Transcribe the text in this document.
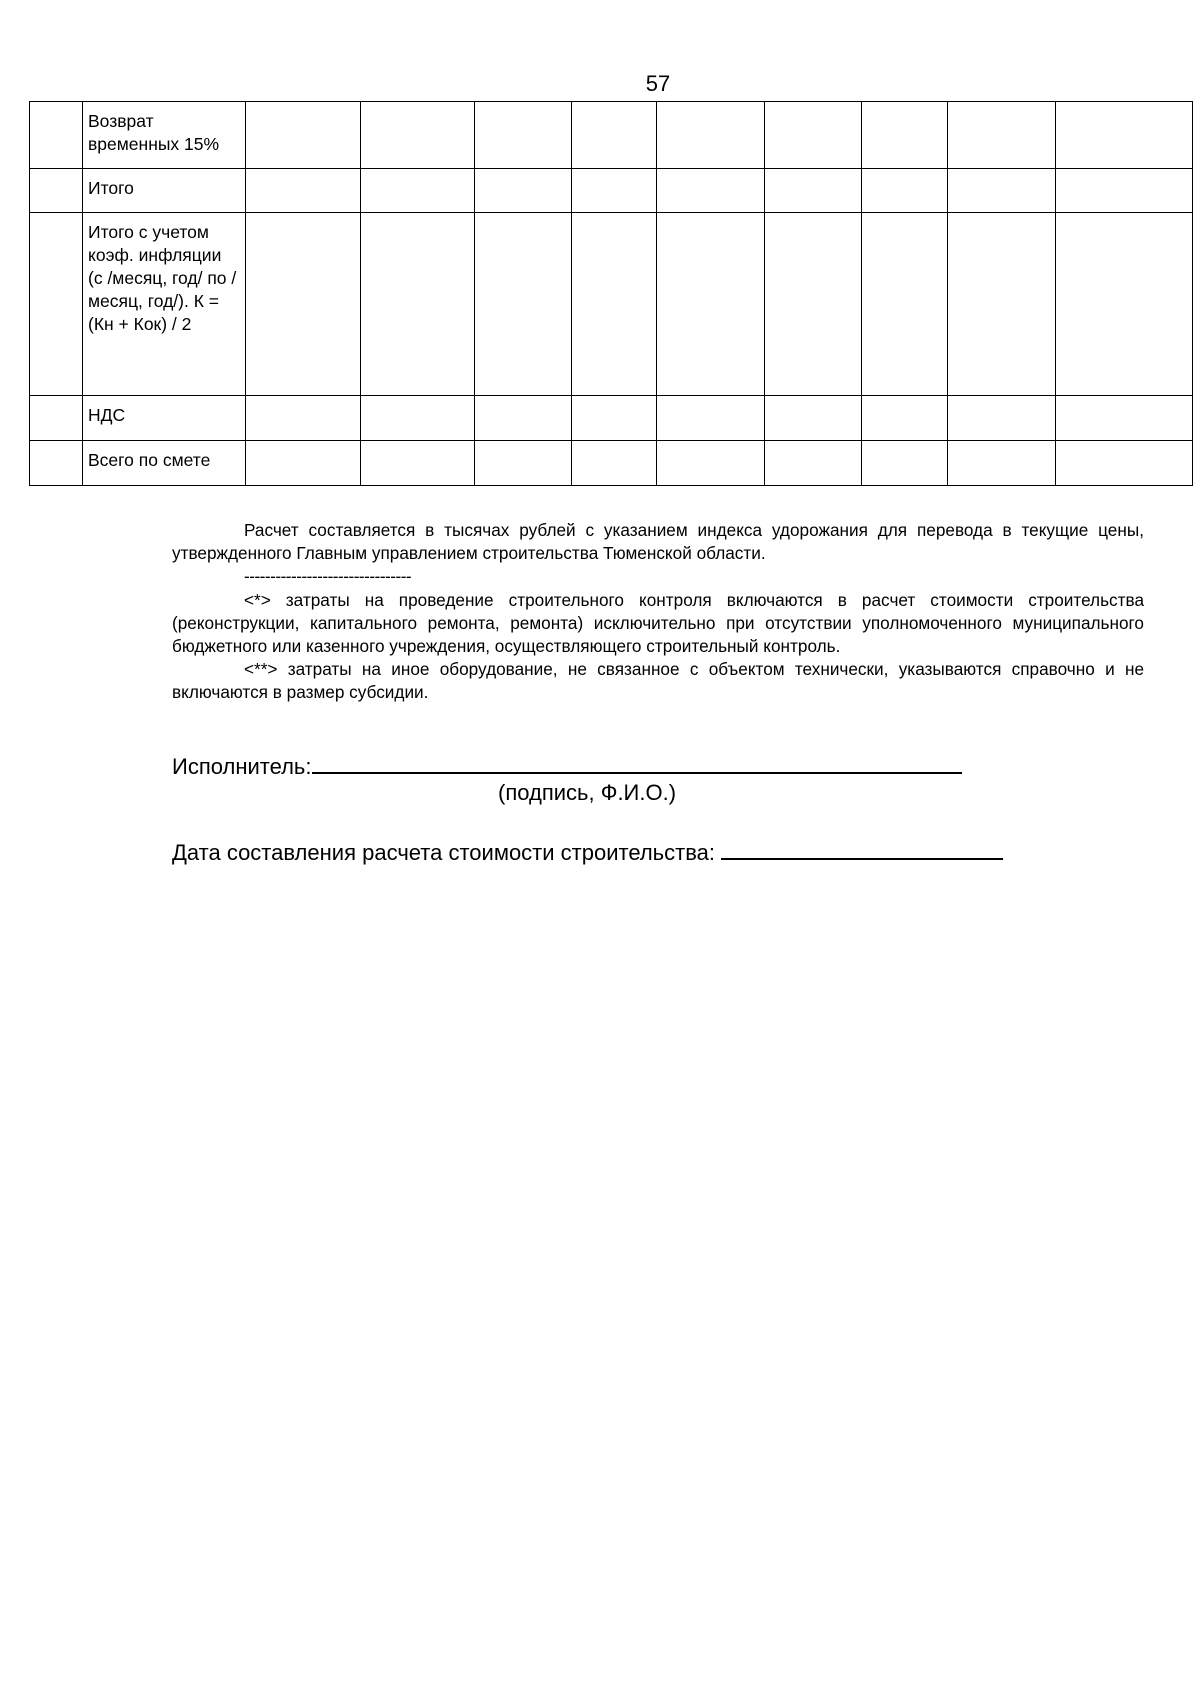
57
	Возврат временных 15%									
	Итого									
	Итого с учетом коэф. инфляции (с /месяц, год/ по /месяц, год/). К = (Кн + Кок) / 2									
	НДС									
	Всего по смете									

Расчет составляется в тысячах рублей с указанием индекса удорожания для перевода в текущие цены, утвержденного Главным управлением строительства Тюменской области.

--------------------------------

<*> затраты на проведение строительного контроля включаются в расчет стоимости строительства (реконструкции, капитального ремонта, ремонта) исключительно при отсутствии уполномоченного муниципального бюджетного или казенного учреждения, осуществляющего строительный контроль.

<**> затраты на иное оборудование, не связанное с объектом технически, указываются справочно и не включаются в размер субсидии.

Исполнитель:
(подпись, Ф.И.О.)
Дата составления расчета стоимости строительства:
